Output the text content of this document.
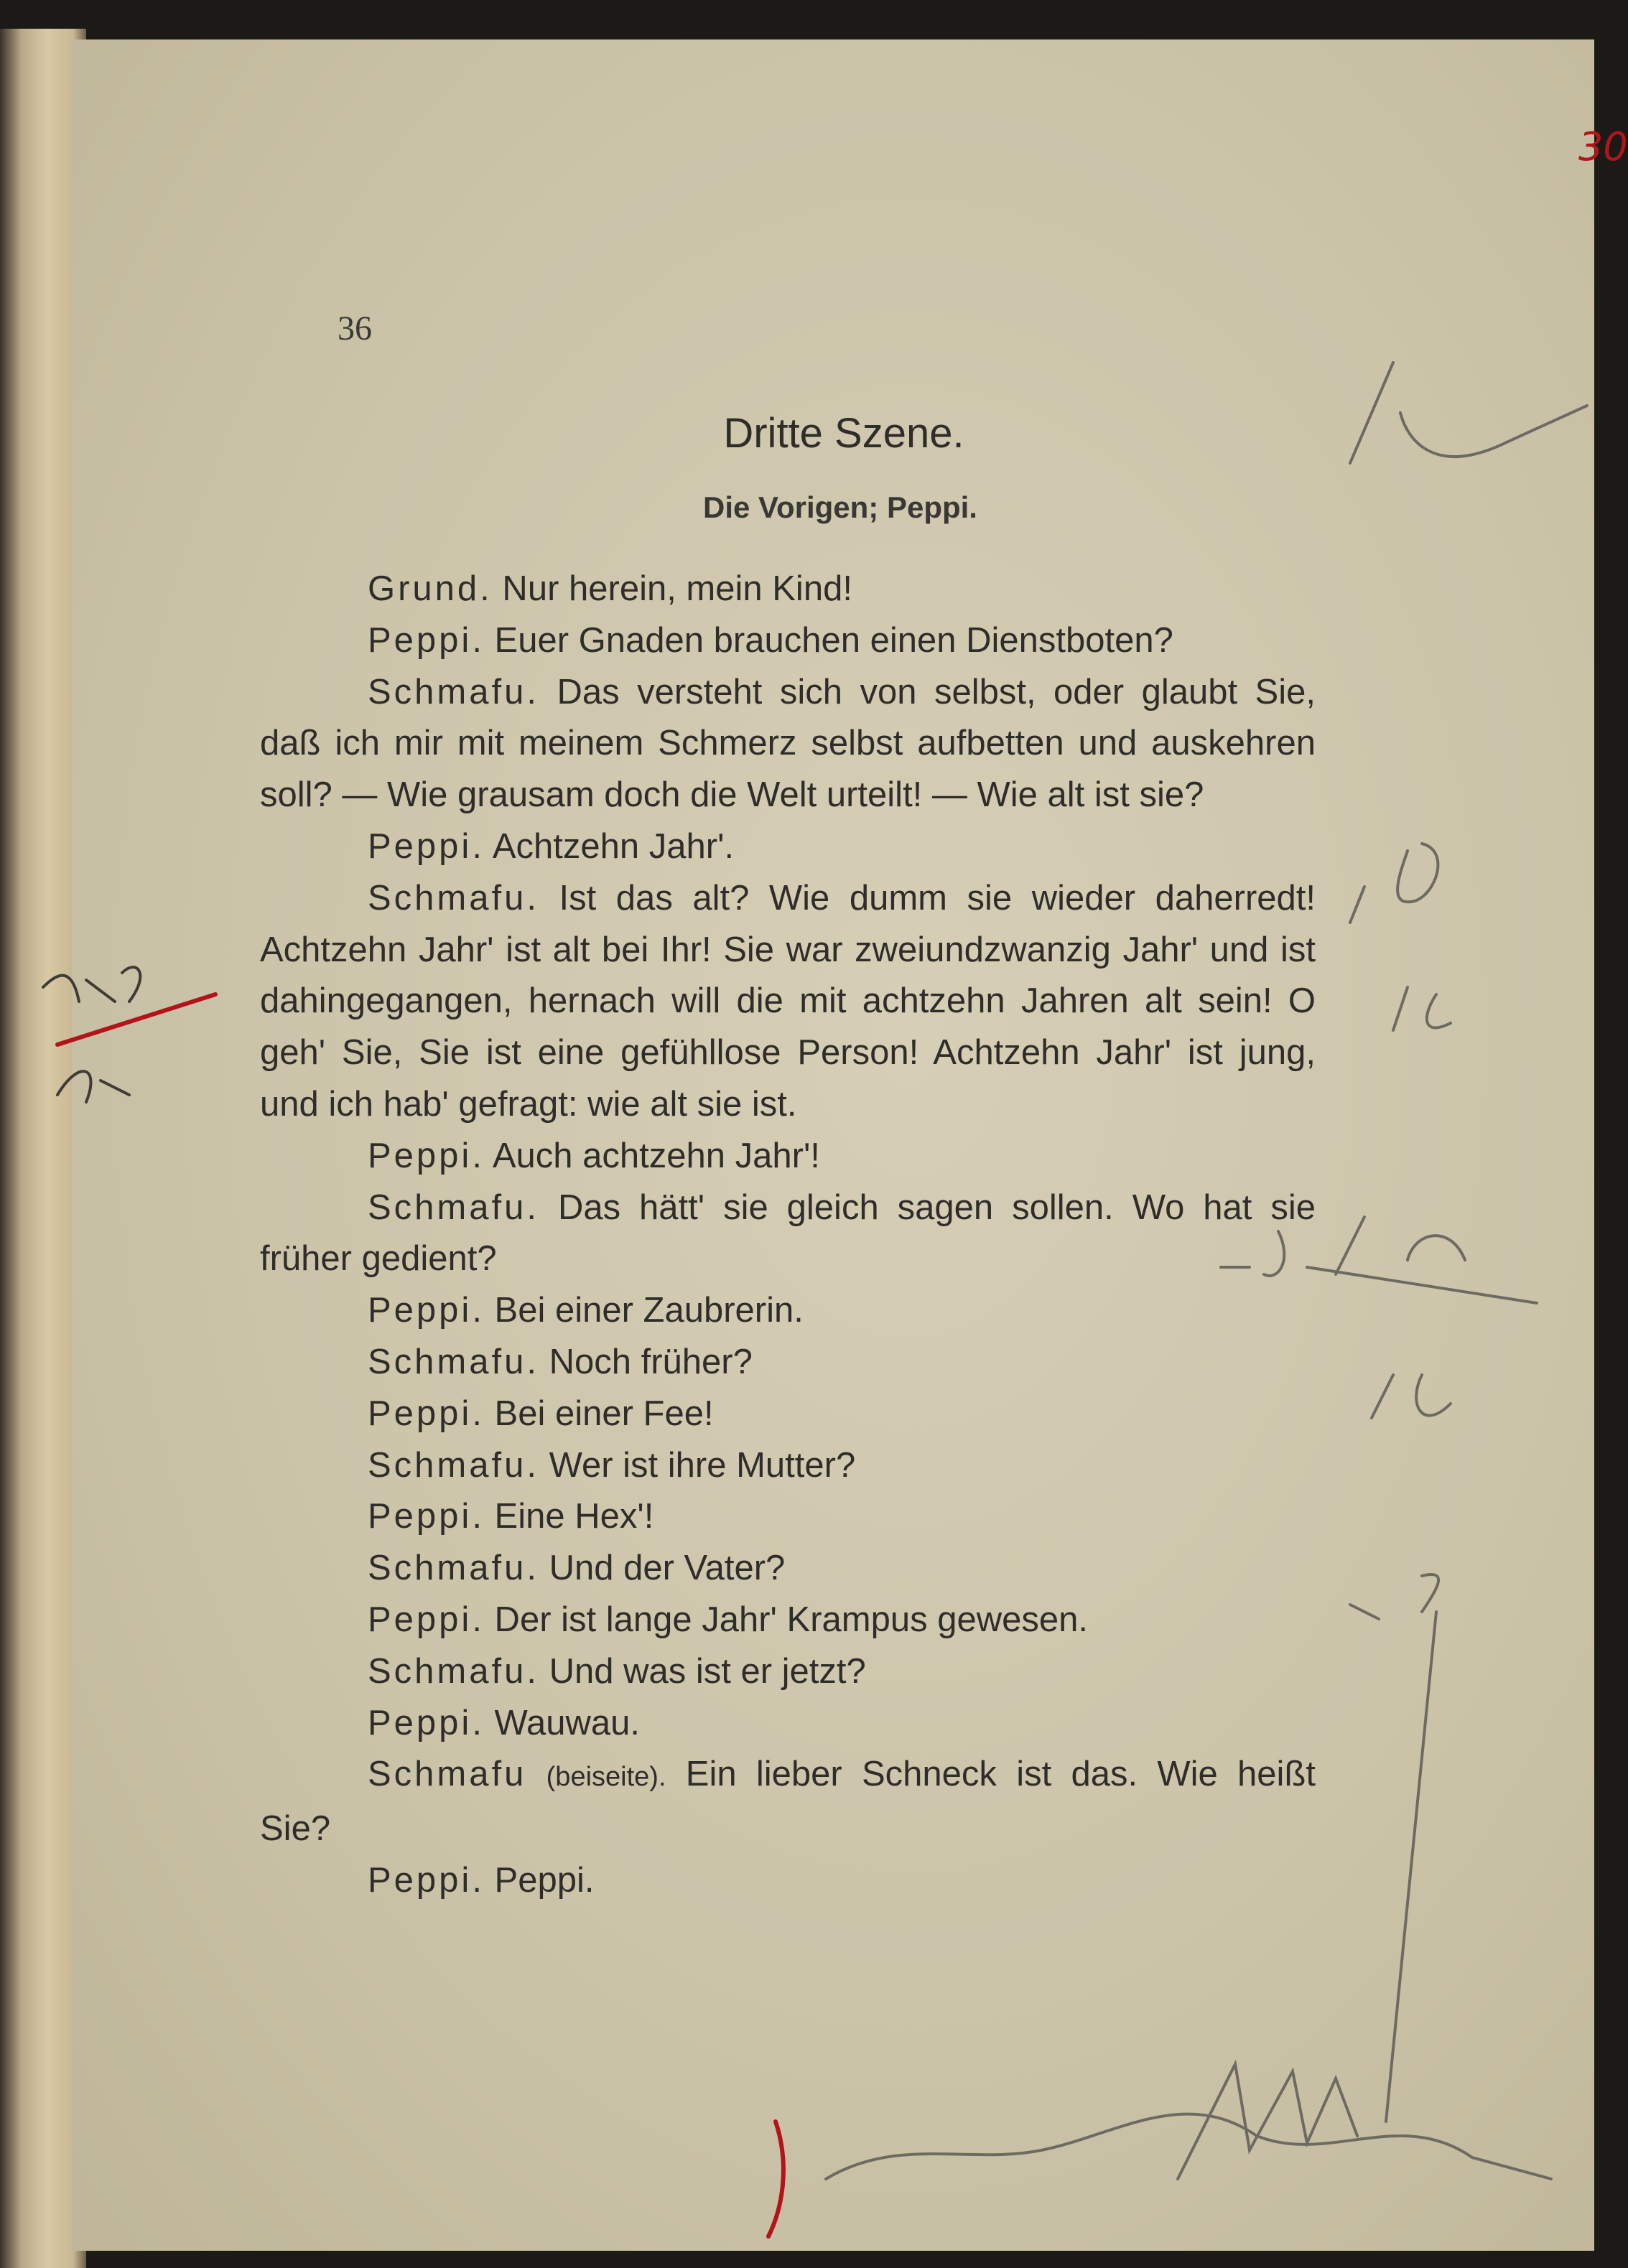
30
36
Dritte Szene.
Die Vorigen; Peppi.

Grund. Nur herein, mein Kind!

Peppi. Euer Gnaden brauchen einen Dienstboten?

Schmafu. Das versteht sich von selbst, oder glaubt Sie, daß ich mir mit meinem Schmerz selbst aufbetten und auskehren soll? — Wie grausam doch die Welt urteilt! — Wie alt ist sie?

Peppi. Achtzehn Jahr'.

Schmafu. Ist das alt? Wie dumm sie wieder daherredt! Achtzehn Jahr' ist alt bei Ihr! Sie war zweiundzwanzig Jahr' und ist dahingegangen, hernach will die mit achtzehn Jahren alt sein! O geh' Sie, Sie ist eine gefühllose Person! Achtzehn Jahr' ist jung, und ich hab' gefragt: wie alt sie ist.

Peppi. Auch achtzehn Jahr'!

Schmafu. Das hätt' sie gleich sagen sollen. Wo hat sie früher gedient?

Peppi. Bei einer Zaubrerin.

Schmafu. Noch früher?

Peppi. Bei einer Fee!

Schmafu. Wer ist ihre Mutter?

Peppi. Eine Hex'!

Schmafu. Und der Vater?

Peppi. Der ist lange Jahr' Krampus gewesen.

Schmafu. Und was ist er jetzt?

Peppi. Wauwau.

Schmafu (beiseite). Ein lieber Schneck ist das. Wie heißt Sie?

Peppi. Peppi.
